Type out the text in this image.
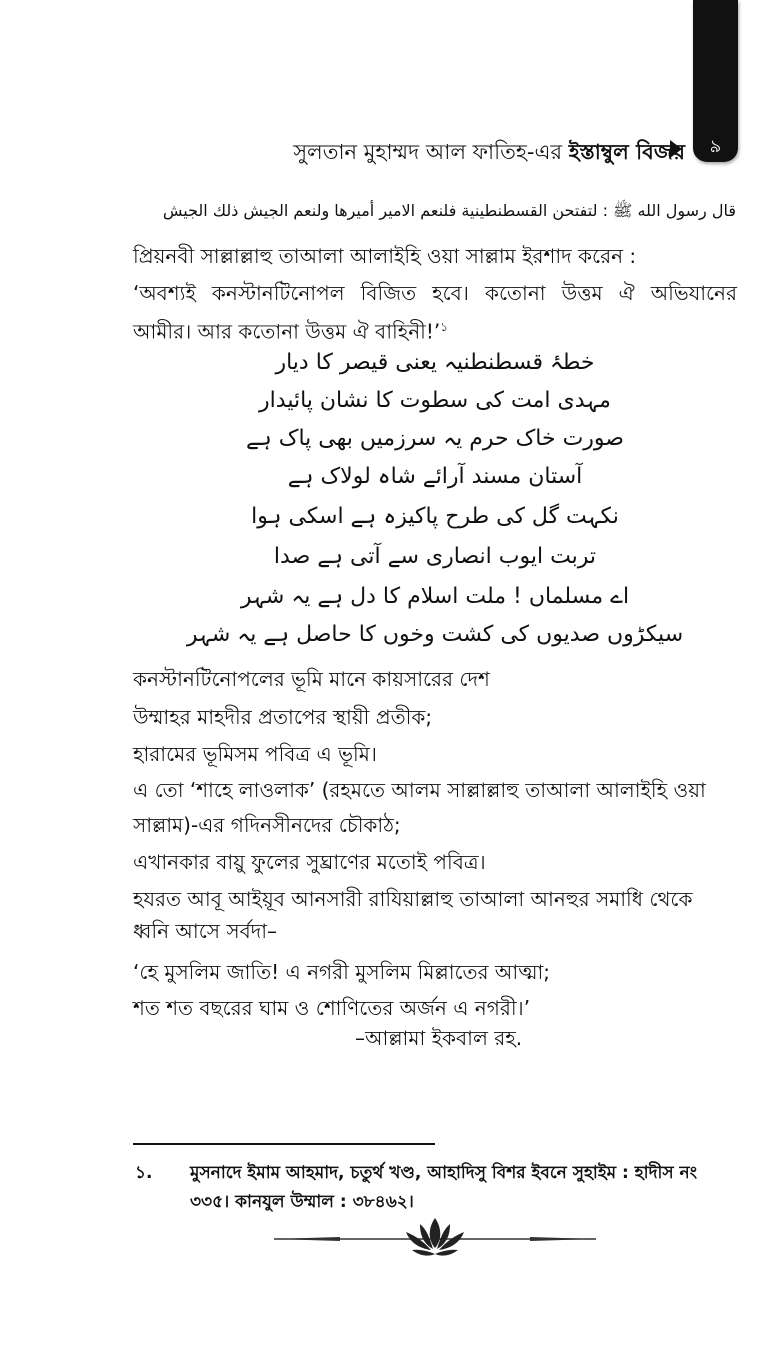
৯
সুলতান মুহাম্মদ আল ফাতিহ-এর ইস্তাম্বুল বিজয়
قال رسول الله ﷺ : لتفتحن القسطنطينية فلنعم الامير أميرها ولنعم الجيش ذلك الجيش
প্রিয়নবী সাল্লাল্লাহু তাআলা আলাইহি ওয়া সাল্লাম ইরশাদ করেন :
‘অবশ্যই কনস্টানটিনোপল বিজিত হবে। কতোনা উত্তম ঐ অভিযানের
আমীর। আর কতোনা উত্তম ঐ বাহিনী!’$^১$
خطۂ قسطنطنیہ یعنی قیصر کا دیار
مہدی امت کی سطوت کا نشان پائیدار
صورت خاک حرم یہ سرزمیں بھی پاک ہے
آستان مسند آرائے شاہ لولاک ہے
نکہت گل کی طرح پاکیزہ ہے اسکی ہوا
تربت ایوب انصاری سے آتی ہے صدا
اے مسلماں ! ملت اسلام کا دل ہے یہ شہر
سیکڑوں صدیوں کی کشت وخوں کا حاصل ہے یہ شہر
কনস্টানটিনোপলের ভূমি মানে কায়সারের দেশ
উম্মাহর মাহদীর প্রতাপের স্থায়ী প্রতীক;
হারামের ভূমিসম পবিত্র এ ভূমি।
এ তো ‘শাহে লাওলাক’ (রহমতে আলম সাল্লাল্লাহু তাআলা আলাইহি ওয়া
সাল্লাম)-এর গদিনসীনদের চৌকাঠ;
এখানকার বায়ু ফুলের সুঘ্রাণের মতোই পবিত্র।
হযরত আবূ আইয়ূব আনসারী রাযিয়াল্লাহু তাআলা আনহুর সমাধি থেকে
ধ্বনি আসে সর্বদা–
‘হে মুসলিম জাতি! এ নগরী মুসলিম মিল্লাতের আত্মা;
শত শত বছরের ঘাম ও শোণিতের অর্জন এ নগরী।’
–আল্লামা ইকবাল রহ.
১. মুসনাদে ইমাম আহমাদ, চতুর্থ খণ্ড, আহাদিসু বিশর ইবনে সুহাইম : হাদীস নং
৩৩৫। কানযুল উম্মাল : ৩৮৪৬২।
